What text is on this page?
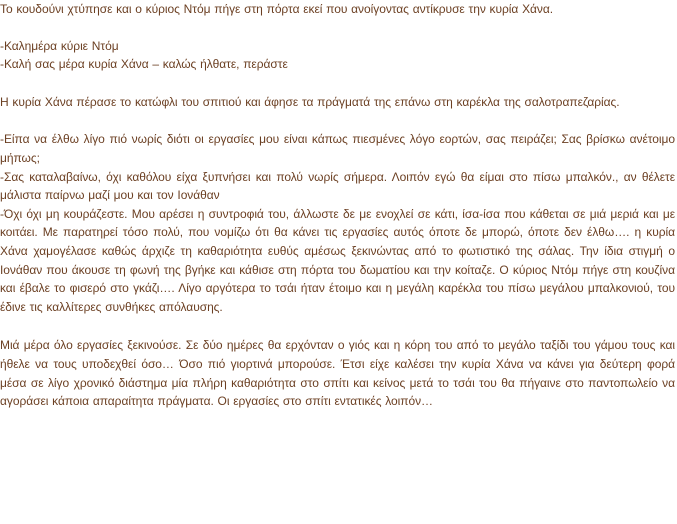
Το κουδούνι χτύπησε και ο κύριος Ντόμ πήγε στη πόρτα εκεί που ανοίγοντας αντίκρυσε την κυρία Χάνα.

-Καλημέρα κύριε Ντόμ

-Καλή σας μέρα κυρία Χάνα – καλώς ήλθατε, περάστε

Η κυρία Χάνα πέρασε το κατώφλι του σπιτιού και άφησε τα πράγματά της επάνω στη καρέκλα της σαλοτραπεζαρίας.

-Είπα να έλθω λίγο πιό νωρίς διότι οι εργασίες μου είναι κάπως πιεσμένες λόγο εορτών, σας πειράζει; Σας βρίσκω ανέτοιμο μήπως;

-Σας καταλαβαίνω, όχι καθόλου είχα ξυπνήσει και πολύ νωρίς σήμερα. Λοιπόν εγώ θα είμαι στο πίσω μπαλκόν., αν θέλετε μάλιστα παίρνω μαζί μου και τον Ιονάθαν

-Όχι όχι μη κουράζεστε. Μου αρέσει η συντροφιά του, άλλωστε δε με ενοχλεί σε κάτι, ίσα-ίσα που κάθεται σε μιά μεριά και με κοιτάει. Με παρατηρεί τόσο πολύ, που νομίζω ότι θα κάνει τις εργασίες αυτός όποτε δε μπορώ, όποτε δεν έλθω…. η κυρία Χάνα χαμογέλασε καθώς άρχιζε τη καθαριότητα ευθύς αμέσως ξεκινώντας από το φωτιστικό της σάλας. Την ίδια στιγμή ο Ιονάθαν που άκουσε τη φωνή της βγήκε και κάθισε στη πόρτα του δωματίου και την κοίταζε. Ο κύριος Ντόμ πήγε στη κουζίνα και έβαλε το φισερό στο γκάζι…. Λίγο αργότερα το τσάι ήταν έτοιμο και η μεγάλη καρέκλα του πίσω μεγάλου μπαλκονιού, του έδινε τις καλλίτερες συνθήκες απόλαυσης.

Μιά μέρα όλο εργασίες ξεκινούσε. Σε δύο ημέρες θα ερχόνταν ο γιός και η κόρη του από το μεγάλο ταξίδι του γάμου τους και ήθελε να τους υποδεχθεί όσο… Όσο πιό γιορτινά μπορούσε. Έτσι είχε καλέσει την κυρία Χάνα να κάνει για δεύτερη φορά μέσα σε λίγο χρονικό διάστημα μία πλήρη καθαριότητα στο σπίτι και κείνος μετά το τσάι του θα πήγαινε στο παντοπωλείο να αγοράσει κάποια απαραίτητα πράγματα. Οι εργασίες στο σπίτι εντατικές λοιπόν…
